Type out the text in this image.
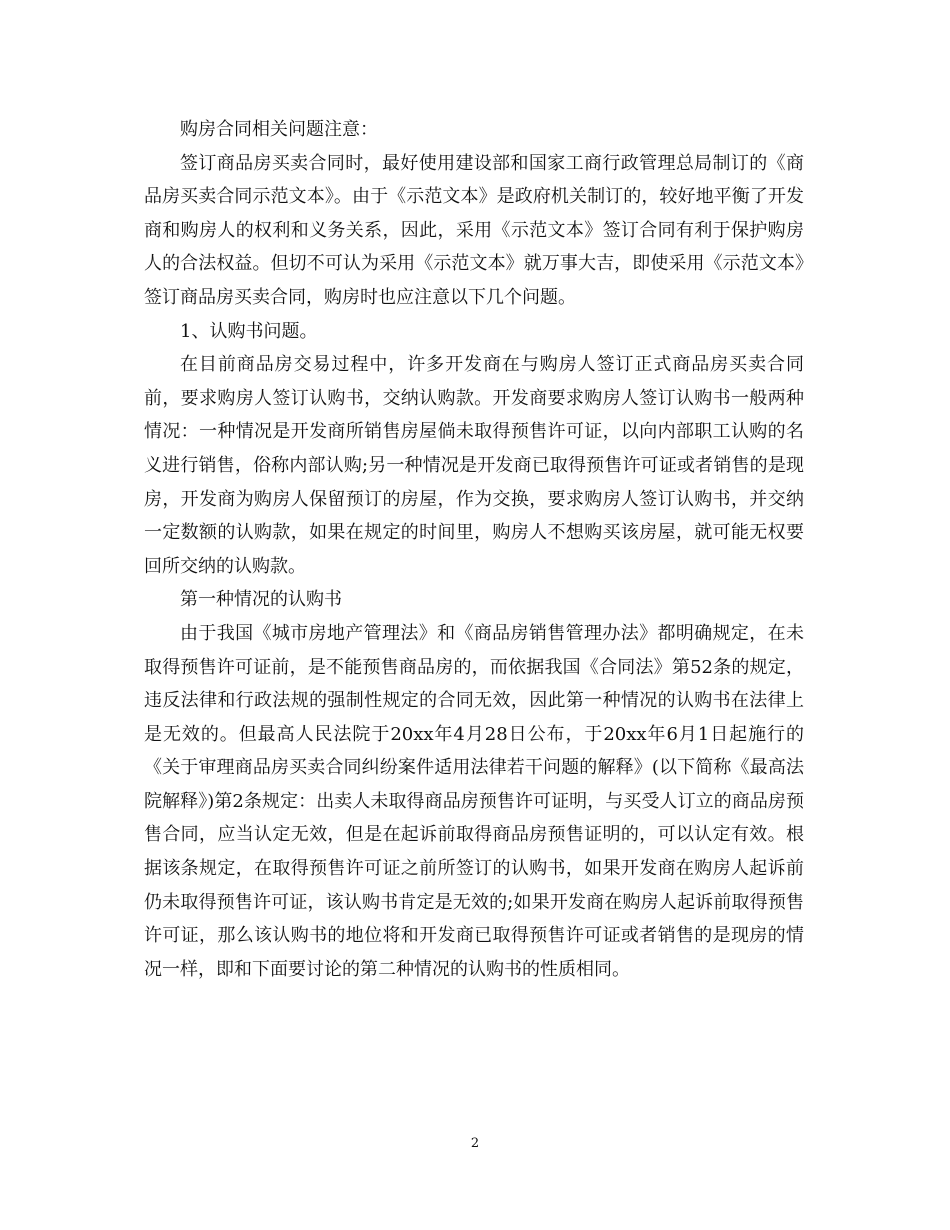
购房合同相关问题注意：

签订商品房买卖合同时，最好使用建设部和国家工商行政管理总局制订的《商品房买卖合同示范文本》。由于《示范文本》是政府机关制订的，较好地平衡了开发商和购房人的权利和义务关系，因此，采用《示范文本》签订合同有利于保护购房人的合法权益。但切不可认为采用《示范文本》就万事大吉，即使采用《示范文本》签订商品房买卖合同，购房时也应注意以下几个问题。

1、认购书问题。

在目前商品房交易过程中，许多开发商在与购房人签订正式商品房买卖合同前，要求购房人签订认购书，交纳认购款。开发商要求购房人签订认购书一般两种情况：一种情况是开发商所销售房屋倘未取得预售许可证，以向内部职工认购的名义进行销售，俗称内部认购;另一种情况是开发商已取得预售许可证或者销售的是现房，开发商为购房人保留预订的房屋，作为交换，要求购房人签订认购书，并交纳一定数额的认购款，如果在规定的时间里，购房人不想购买该房屋，就可能无权要回所交纳的认购款。

第一种情况的认购书

由于我国《城市房地产管理法》和《商品房销售管理办法》都明确规定，在未取得预售许可证前，是不能预售商品房的，而依据我国《合同法》第52条的规定，违反法律和行政法规的强制性规定的合同无效，因此第一种情况的认购书在法律上是无效的。但最高人民法院于20xx年4月28日公布，于20xx年6月1日起施行的《关于审理商品房买卖合同纠纷案件适用法律若干问题的解释》(以下简称《最高法院解释》)第2条规定：出卖人未取得商品房预售许可证明，与买受人订立的商品房预售合同，应当认定无效，但是在起诉前取得商品房预售证明的，可以认定有效。根据该条规定，在取得预售许可证之前所签订的认购书，如果开发商在购房人起诉前仍未取得预售许可证，该认购书肯定是无效的;如果开发商在购房人起诉前取得预售许可证，那么该认购书的地位将和开发商已取得预售许可证或者销售的是现房的情况一样，即和下面要讨论的第二种情况的认购书的性质相同。

2
